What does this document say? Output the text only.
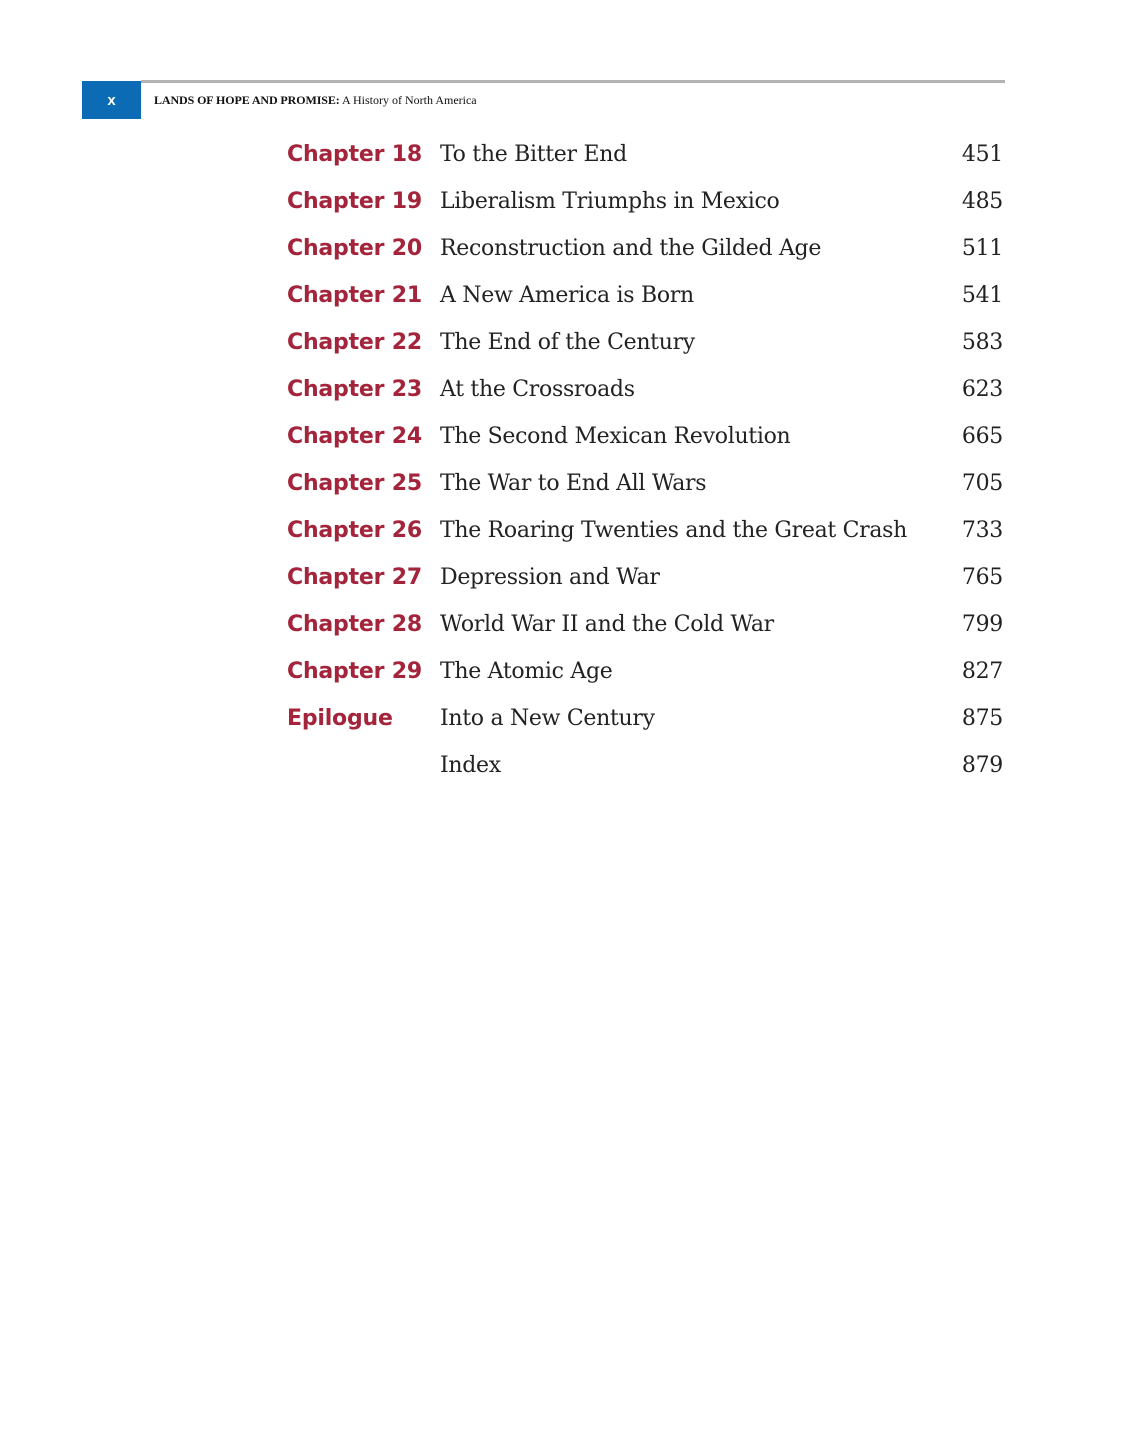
x	LANDS OF HOPE AND PROMISE: A History of North America
Chapter 18 To the Bitter End	451
Chapter 19 Liberalism Triumphs in Mexico	485
Chapter 20 Reconstruction and the Gilded Age	511
Chapter 21 A New America is Born	541
Chapter 22 The End of the Century	583
Chapter 23 At the Crossroads	623
Chapter 24 The Second Mexican Revolution	665
Chapter 25 The War to End All Wars	705
Chapter 26 The Roaring Twenties and the Great Crash 733
Chapter 27 Depression and War	765
Chapter 28 World War II and the Cold War	799
Chapter 29 The Atomic Age	827
Epilogue Into a New Century	875
Index	879
